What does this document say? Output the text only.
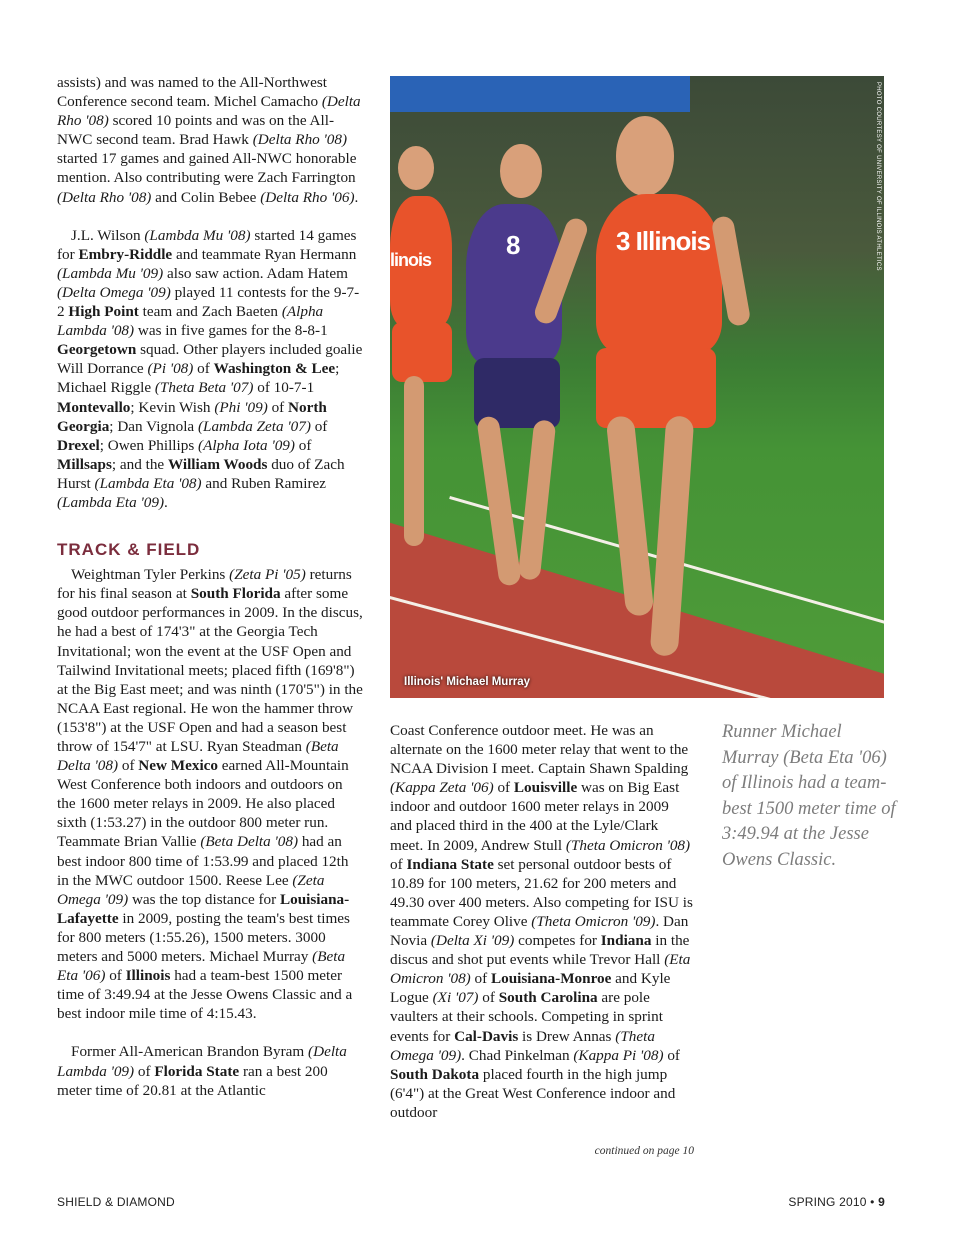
assists) and was named to the All-Northwest Conference second team. Michel Camacho (Delta Rho '08) scored 10 points and was on the All-NWC second team. Brad Hawk (Delta Rho '08) started 17 games and gained All-NWC honorable mention. Also contributing were Zach Farrington (Delta Rho '08) and Colin Bebee (Delta Rho '06).

J.L. Wilson (Lambda Mu '08) started 14 games for Embry-Riddle and teammate Ryan Hermann (Lambda Mu '09) also saw action. Adam Hatem (Delta Omega '09) played 11 contests for the 9-7-2 High Point team and Zach Baeten (Alpha Lambda '08) was in five games for the 8-8-1 Georgetown squad. Other players included goalie Will Dorrance (Pi '08) of Washington & Lee; Michael Riggle (Theta Beta '07) of 10-7-1 Montevallo; Kevin Wish (Phi '09) of North Georgia; Dan Vignola (Lambda Zeta '07) of Drexel; Owen Phillips (Alpha Iota '09) of Millsaps; and the William Woods duo of Zach Hurst (Lambda Eta '08) and Ruben Ramirez (Lambda Eta '09).

TRACK & FIELD

Weightman Tyler Perkins (Zeta Pi '05) returns for his final season at South Florida after some good outdoor performances in 2009. In the discus, he had a best of 174'3" at the Georgia Tech Invitational; won the event at the USF Open and Tailwind Invitational meets; placed fifth (169'8") at the Big East meet; and was ninth (170'5") in the NCAA East regional. He won the hammer throw (153'8") at the USF Open and had a season best throw of 154'7" at LSU. Ryan Steadman (Beta Delta '08) of New Mexico earned All-Mountain West Conference both indoors and outdoors on the 1600 meter relays in 2009. He also placed sixth (1:53.27) in the outdoor 800 meter run. Teammate Brian Vallie (Beta Delta '08) had an best indoor 800 time of 1:53.99 and placed 12th in the MWC outdoor 1500. Reese Lee (Zeta Omega '09) was the top distance for Louisiana-Lafayette in 2009, posting the team's best times for 800 meters (1:55.26), 1500 meters. 3000 meters and 5000 meters. Michael Murray (Beta Eta '06) of Illinois had a team-best 1500 meter time of 3:49.94 at the Jesse Owens Classic and a best indoor mile time of 4:15.43.

Former All-American Brandon Byram (Delta Lambda '09) of Florida State ran a best 200 meter time of 20.81 at the Atlantic

linois	8	3 Illinois	PHOTO COURTESY OF UNIVERSITY OF ILLINOIS ATHLETICS
Illinois' Michael Murray

Coast Conference outdoor meet. He was an alternate on the 1600 meter relay that went to the NCAA Division I meet. Captain Shawn Spalding (Kappa Zeta '06) of Louisville was on Big East indoor and outdoor 1600 meter relays in 2009 and placed third in the 400 at the Lyle/Clark meet. In 2009, Andrew Stull (Theta Omicron '08) of Indiana State set personal outdoor bests of 10.89 for 100 meters, 21.62 for 200 meters and 49.30 over 400 meters. Also competing for ISU is teammate Corey Olive (Theta Omicron '09). Dan Novia (Delta Xi '09) competes for Indiana in the discus and shot put events while Trevor Hall (Eta Omicron '08) of Louisiana-Monroe and Kyle Logue (Xi '07) of South Carolina are pole vaulters at their schools. Competing in sprint events for Cal-Davis is Drew Annas (Theta Omega '09). Chad Pinkelman (Kappa Pi '08) of South Dakota placed fourth in the high jump (6'4") at the Great West Conference indoor and outdoor

Runner Michael Murray (Beta Eta '06) of Illinois had a team-best 1500 meter time of 3:49.94 at the Jesse Owens Classic.
continued on page 10
SHIELD & DIAMOND	SPRING 2010 • 9
